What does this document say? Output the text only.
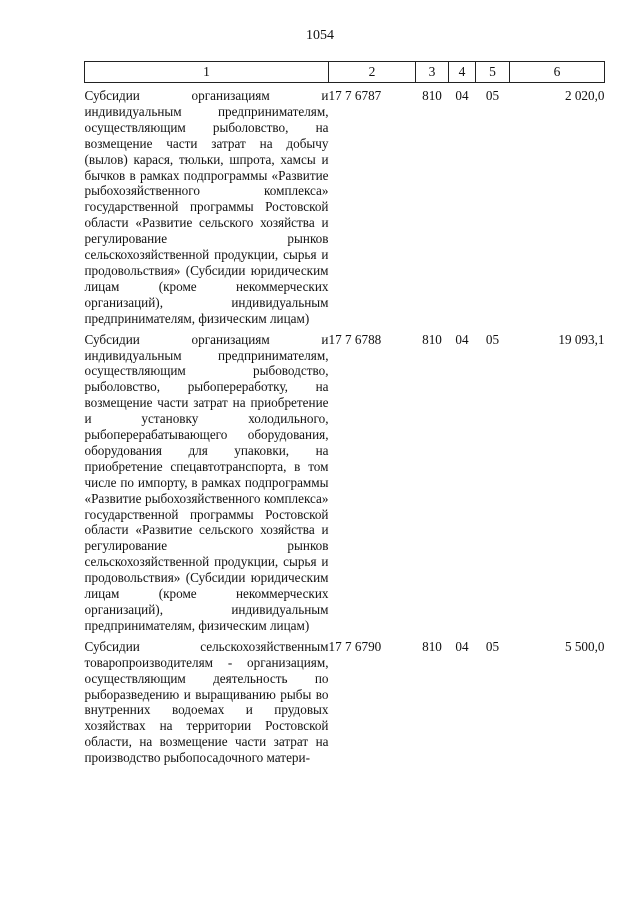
1054
1	2	3	4	5	6
Субсидии организациям и индивидуальным предпринимателям, осуществляющим рыболовство, на возмещение части затрат на добычу (вылов) карася, тюльки, шпрота, хамсы и бычков в рамках подпрограммы «Развитие рыбохозяйственного комплекса» государственной программы Ростовской области «Развитие сельского хозяйства и регулирование рынков сельскохозяйственной продукции, сырья и продовольствия» (Субсидии юридическим лицам (кроме некоммерческих организаций), индивидуальным предпринимателям, физическим лицам)	17 7 6787	810	04	05	2 020,0
Субсидии организациям и индивидуальным предпринимателям, осуществляющим рыбоводство, рыболовство, рыбопереработку, на возмещение части затрат на приобретение и установку холодильного, рыбоперерабатывающего оборудования, оборудования для упаковки, на приобретение спецавтотранспорта, в том числе по импорту, в рамках подпрограммы «Развитие рыбохозяйственного комплекса» государственной программы Ростовской области «Развитие сельского хозяйства и регулирование рынков сельскохозяйственной продукции, сырья и продовольствия» (Субсидии юридическим лицам (кроме некоммерческих организаций), индивидуальным предпринимателям, физическим лицам)	17 7 6788	810	04	05	19 093,1
Субсидии сельскохозяйственным товаропроизводителям - организациям, осуществляющим деятельность по рыборазведению и выращиванию рыбы во внутренних водоемах и прудовых хозяйствах на территории Ростовской области, на возмещение части затрат на производство рыбопосадочного матери-	17 7 6790	810	04	05	5 500,0
